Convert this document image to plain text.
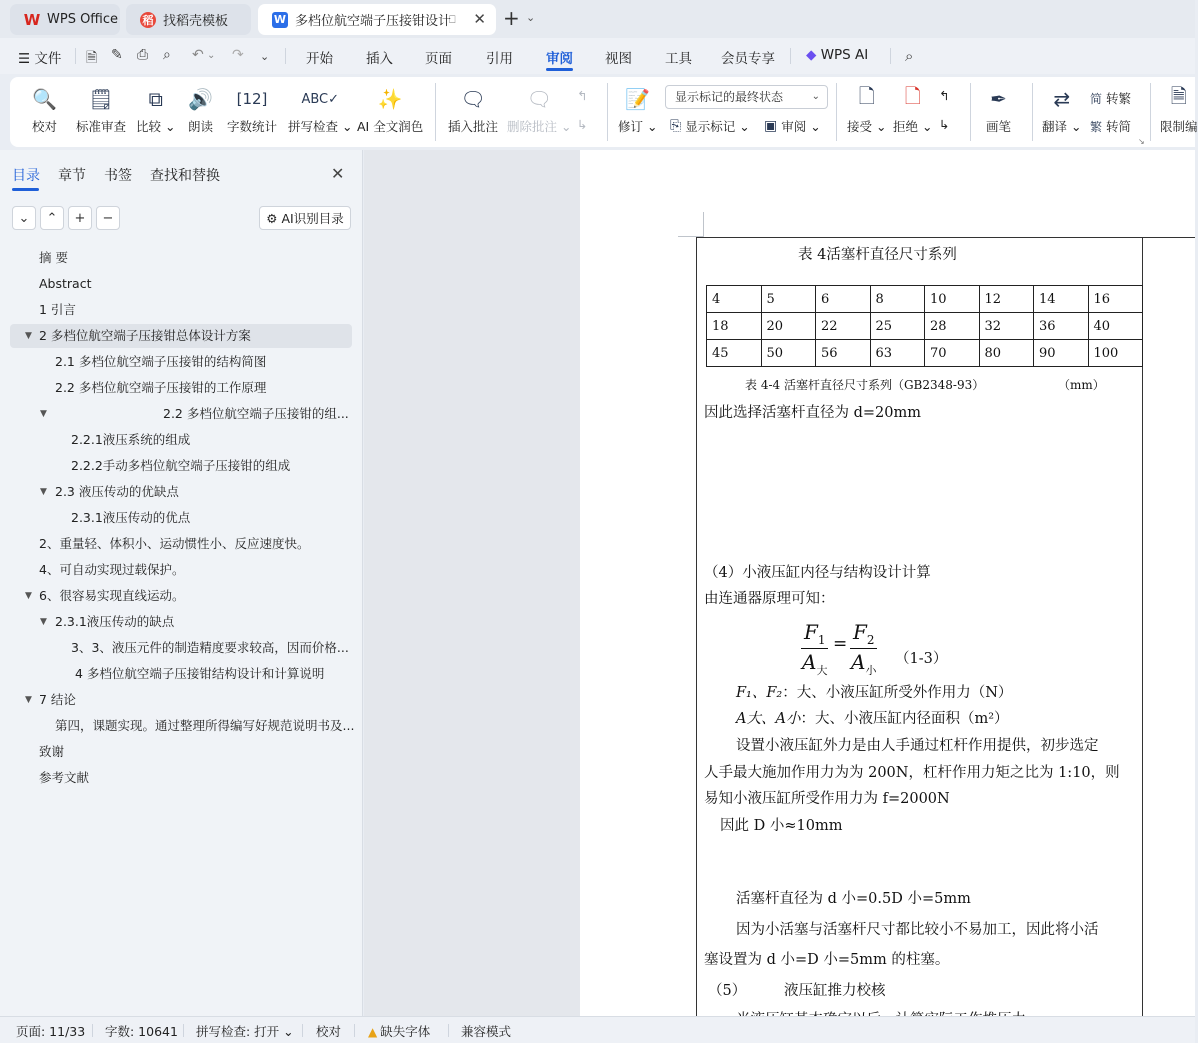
W WPS Office 稻 找稻壳模板	W 多档位航空端子压接钳设计
⎕ ✕ + ⌄
☰ 文件 🗎 ✎ ⎙ ⌕ ↶ ⌄ ↷ ⌄	开始 插入 页面	引用 审阅 视图 工具 会员专享 ◆ WPS AI ⌕
🔍
校对
🗒
标准审查
⧉
比较 ⌄
🔊
朗读
[12]
字数统计
ABC✓
拼写检查 ⌄
✨
AI 全文润色
🗨
插入批注
🗨
删除批注 ⌄
↰
↳
📝
修订 ⌄
显示标记的最终状态	⌄
⎘ 显示标记 ⌄ ▣ 审阅 ⌄
🗋
接受 ⌄
🗋
拒绝 ⌄
↰
↳
✒
画笔
⇄
翻译 ⌄
简 转繁
繁 转简
↘
🗎
限制编
目录 章节 书签 查找和替换	✕
⌄ ⌃ + −	⚙ AI识别目录
摘 要
Abstract
1 引言
▼ 2 多档位航空端子压接钳总体设计方案
2.1 多档位航空端子压接钳的结构简图
2.2 多档位航空端子压接钳的工作原理
▼	2.2 多档位航空端子压接钳的组...
2.2.1液压系统的组成
2.2.2手动多档位航空端子压接钳的组成
▼ 2.3 液压传动的优缺点
2.3.1液压传动的优点
2、重量轻、体积小、运动惯性小、反应速度快。
4、可自动实现过载保护。
▼ 6、很容易实现直线运动。
▼ 2.3.1液压传动的缺点
3、3、液压元件的制造精度要求较高，因而价格...
4 多档位航空端子压接钳结构设计和计算说明
▼ 7 结论
第四，课题实现。通过整理所得编写好规范说明书及...
致谢
参考文献
表 4活塞杆直径尺寸系列
4	5	6	8	10	12	14	16
18	20	22	25	28	32	36	40
45	50	56	63	70	80	90	100
表 4-4 活塞杆直径尺寸系列（GB2348-93）	（mm）
因此选择活塞杆直径为 d=20mm
（4）小液压缸内径与结构设计计算
由连通器原理可知：
$F_1$
$A_大$
= $F_2$
$A_小$
（1-3）
F₁、F₂：大、小液压缸所受外作用力（N）
A大、A小：大、小液压缸内径面积（m²）
设置小液压缸外力是由人手通过杠杆作用提供，初步选定
人手最大施加作用力为为 200N，杠杆作用力矩之比为 1:10，则
易知小液压缸所受作用力为 f=2000N
因此 D 小≈10mm
活塞杆直径为 d 小=0.5D 小=5mm
因为小活塞与活塞杆尺寸都比较小不易加工，因此将小活
塞设置为 d 小=D 小=5mm 的柱塞。
（5）	液压缸推力校核
页面: 11/33 字数: 10641 拼写检查: 打开 ⌄ 校对 ▲ 缺失字体 兼容模式
